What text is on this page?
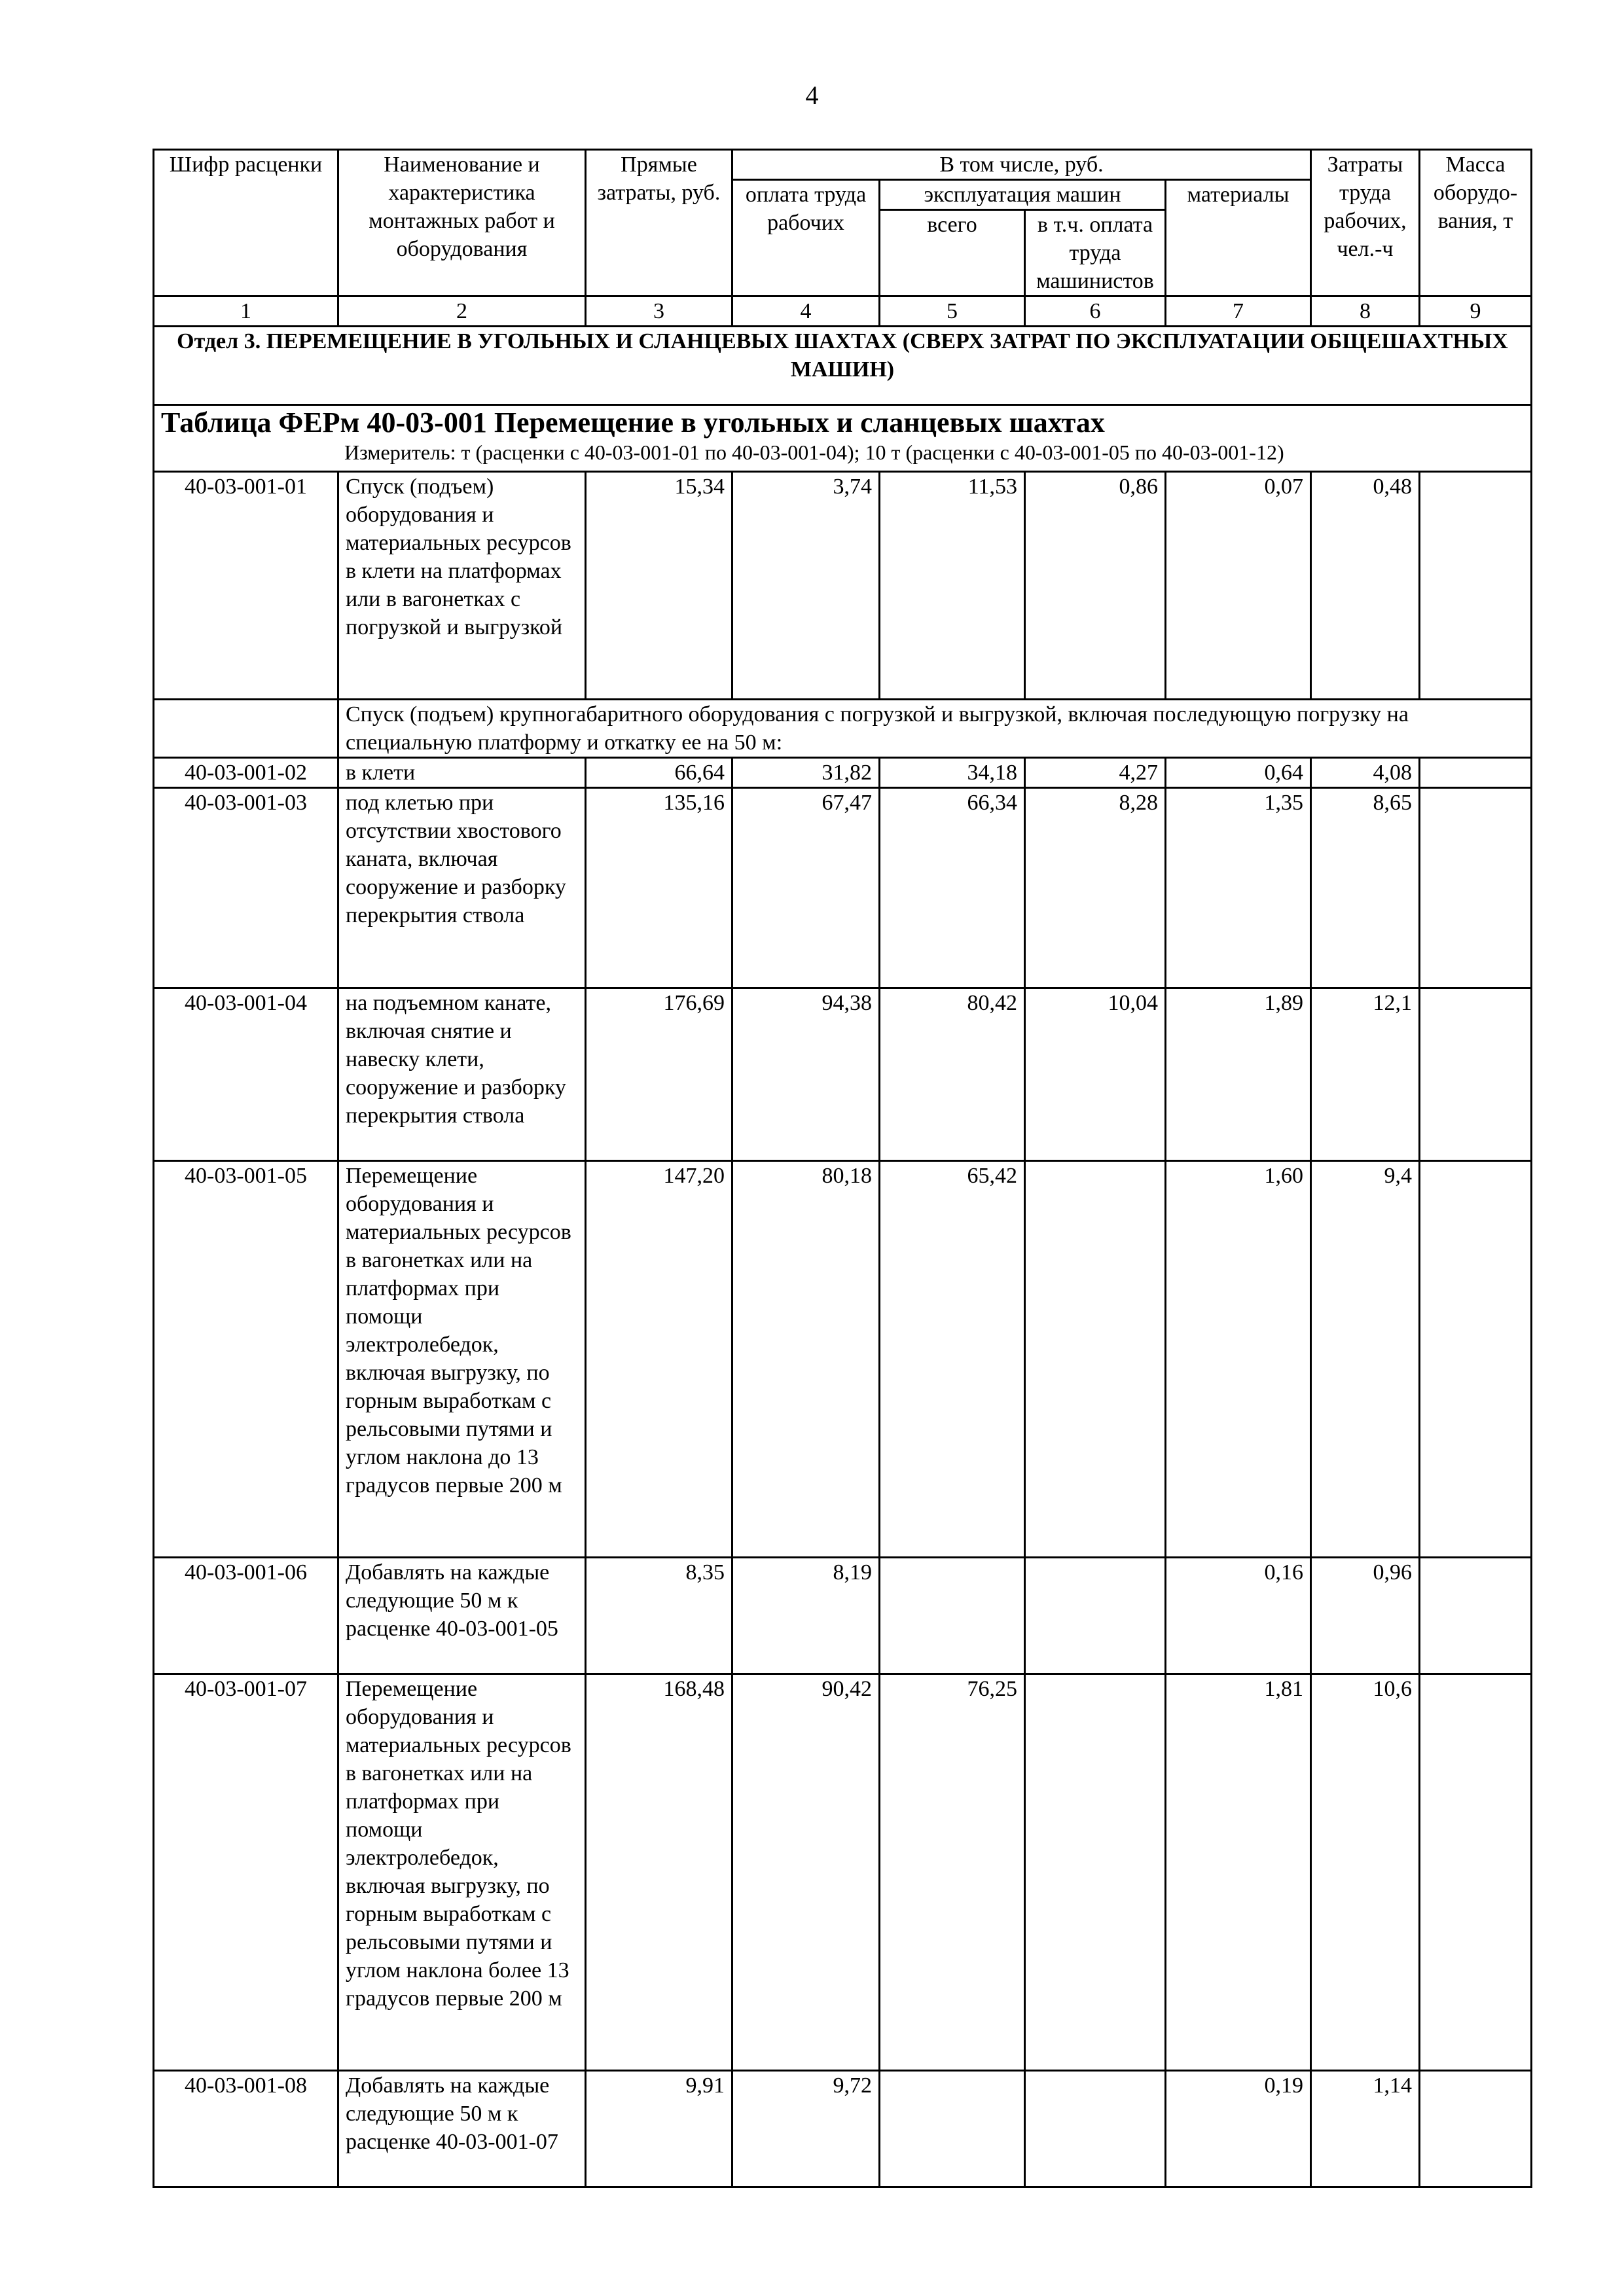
4
Шифр расценки	Наименование и характеристика монтажных работ и оборудования	Прямые затраты, руб.	В том числе, руб.				Затраты труда рабочих, чел.-ч	Масса оборудо-вания, т
			оплата труда рабочих	эксплуатация машин		материалы		
				всего	в т.ч. оплата труда машинистов			
1	2	3	4	5	6	7	8	9
Отдел 3. ПЕРЕМЕЩЕНИЕ В УГОЛЬНЫХ И СЛАНЦЕВЫХ ШАХТАХ (СВЕРХ ЗАТРАТ ПО ЭКСПЛУАТАЦИИ ОБЩЕШАХТНЫХ МАШИН)								

Таблица ФЕРм 40-03-001 Перемещение в угольных и сланцевых шахтах
Измеритель: т (расценки с 40-03-001-01 по 40-03-001-04); 10 т (расценки с 40-03-001-05 по 40-03-001-12)								

40-03-001-01	Спуск (подъем) оборудования и материальных ресурсов в клети на платформах или в вагонетках с погрузкой и выгрузкой	15,34	3,74	11,53	0,86	0,07	0,48	
	Спуск (подъем) крупногабаритного оборудования с погрузкой и выгрузкой, включая последующую погрузку на специальную платформу и откатку ее на 50 м:							
40-03-001-02	в клети	66,64	31,82	34,18	4,27	0,64	4,08	
40-03-001-03	под клетью при отсутствии хвостового каната, включая сооружение и разборку перекрытия ствола	135,16	67,47	66,34	8,28	1,35	8,65	
40-03-001-04	на подъемном канате, включая снятие и навеску клети, сооружение и разборку перекрытия ствола	176,69	94,38	80,42	10,04	1,89	12,1	
40-03-001-05	Перемещение оборудования и материальных ресурсов в вагонетках или на платформах при помощи электролебедок, включая выгрузку, по горным выработкам с рельсовыми путями и углом наклона до 13 градусов первые 200 м	147,20	80,18	65,42		1,60	9,4	
40-03-001-06	Добавлять на каждые следующие 50 м к расценке 40-03-001-05	8,35	8,19			0,16	0,96	
40-03-001-07	Перемещение оборудования и материальных ресурсов в вагонетках или на платформах при помощи электролебедок, включая выгрузку, по горным выработкам с рельсовыми путями и углом наклона более 13 градусов первые 200 м	168,48	90,42	76,25		1,81	10,6	
40-03-001-08	Добавлять на каждые следующие 50 м к расценке 40-03-001-07	9,91	9,72			0,19	1,14	
